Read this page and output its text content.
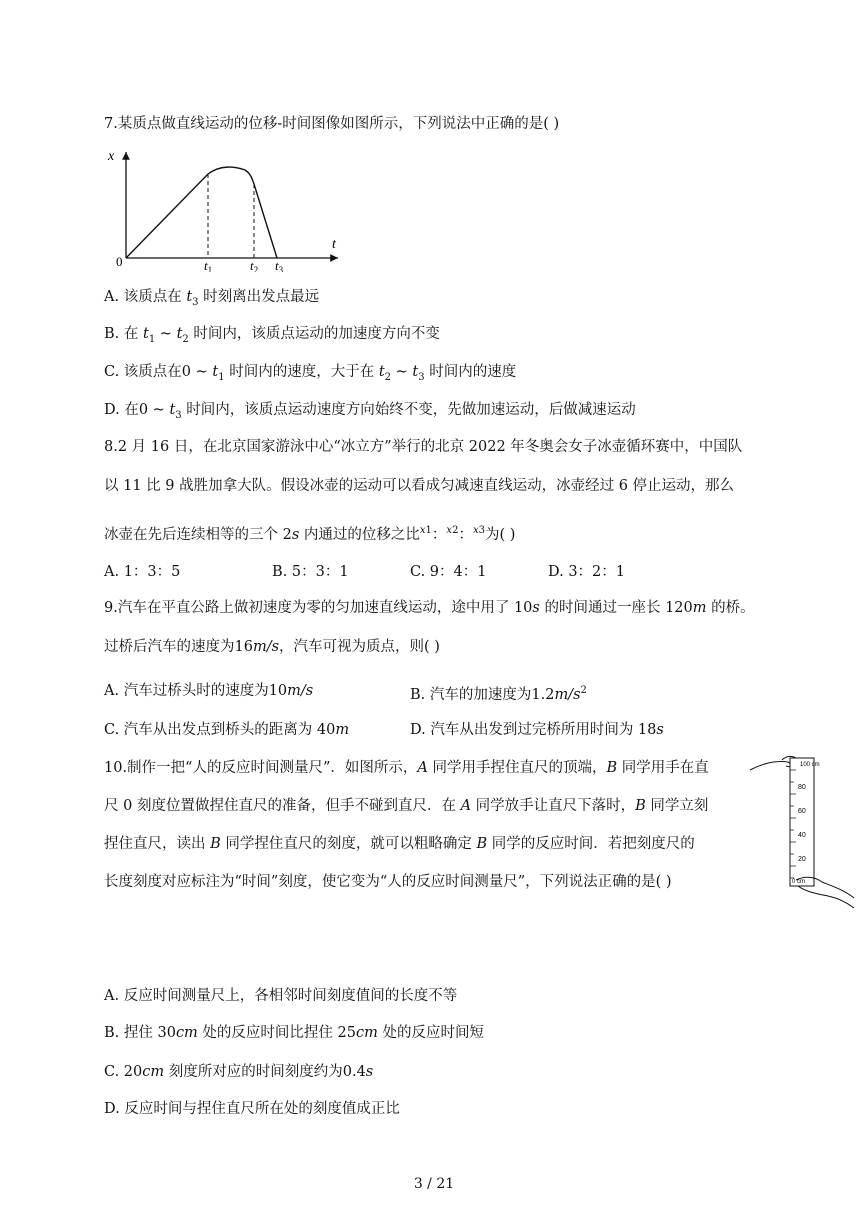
7.某质点做直线运动的位移-时间图像如图所示，下列说法中正确的是( )
x
t
0	$t_1$	$t_2$ $t_3$
A. 该质点在 $t_3$ 时刻离出发点最远
B. 在 $t_1$ ~ $t_2$ 时间内，该质点运动的加速度方向不变
C. 该质点在0 ~ $t_1$ 时间内的速度，大于在 $t_2$ ~ $t_3$ 时间内的速度
D. 在0 ~ $t_3$ 时间内，该质点运动速度方向始终不变，先做加速运动，后做减速运动
8.2 月 16 日，在北京国家游泳中心“冰立方”举行的北京 2022 年冬奥会女子冰壶循环赛中，中国队
以 11 比 9 战胜加拿大队。假设冰壶的运动可以看成匀减速直线运动，冰壶经过 6 停止运动，那么
冰壶在先后连续相等的三个 2s 内通过的位移之比$^{x1}$：$^{x2}$：$^{x3}$为( )
A. 1：3：5	B. 5：3：1	C. 9：4：1	D. 3：2：1
9.汽车在平直公路上做初速度为零的匀加速直线运动，途中用了 10s 的时间通过一座长 120m 的桥。
过桥后汽车的速度为16m/s，汽车可视为质点，则( )
A. 汽车过桥头时的速度为10m/s	B. 汽车的加速度为$1.2m/s^2$
C. 汽车从出发点到桥头的距离为 40m	D. 汽车从出发到过完桥所用时间为 18s
10.制作一把“人的反应时间测量尺”．如图所示，A 同学用手捏住直尺的顶端，B 同学用手在直
尺 0 刻度位置做捏住直尺的准备，但手不碰到直尺．在 A 同学放手让直尺下落时，B 同学立刻
捏住直尺，读出 B 同学捏住直尺的刻度，就可以粗略确定 B 同学的反应时间．若把刻度尺的
长度刻度对应标注为“时间”刻度，使它变为“人的反应时间测量尺”，下列说法正确的是( )
100 cm
80
60
40
20
0 cm
A. 反应时间测量尺上，各相邻时间刻度值间的长度不等
B. 捏住 30cm 处的反应时间比捏住 25cm 处的反应时间短
C. 20cm 刻度所对应的时间刻度约为0.4s
D. 反应时间与捏住直尺所在处的刻度值成正比
3 / 21
